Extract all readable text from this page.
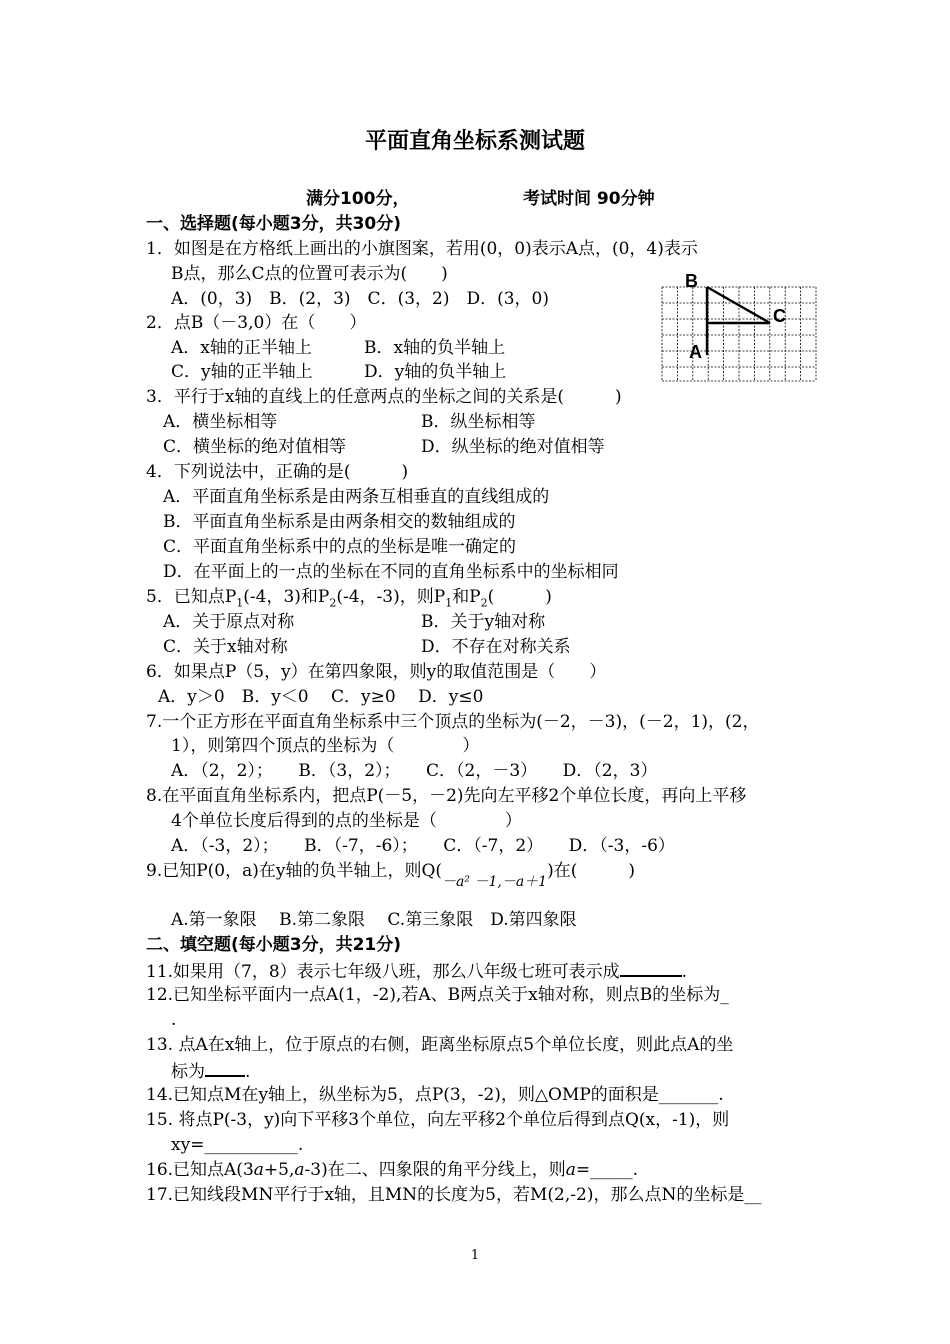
平面直角坐标系测试题
满分100分，	考试时间 90分钟
一、选择题(每小题3分，共30分)
1．如图是在方格纸上画出的小旗图案，若用(0，0)表示A点，(0，4)表示
B点，那么C点的位置可表示为(　　)
A．(0，3)　B．(2，3)　C．(3，2)　D．(3，0)
B
C
A
2．点B（－3,0）在（　　）
A．x轴的正半轴上	B．x轴的负半轴上
C．y轴的正半轴上	D．y轴的负半轴上
3．平行于x轴的直线上的任意两点的坐标之间的关系是(　　　)
A．横坐标相等	B．纵坐标相等
C．横坐标的绝对值相等	D．纵坐标的绝对值相等
4．下列说法中，正确的是(　　　)
A．平面直角坐标系是由两条互相垂直的直线组成的
B．平面直角坐标系是由两条相交的数轴组成的
C．平面直角坐标系中的点的坐标是唯一确定的
D．在平面上的一点的坐标在不同的直角坐标系中的坐标相同
5．已知点$P_1(-4$，3)和$P_2(-4$，-3)，则$P_1$和$P_2$(　　　)
A．关于原点对称	B．关于y轴对称
C．关于x轴对称	D．不存在对称关系
6．如果点P（5，y）在第四象限，则y的取值范围是（　　）
A．y＞0　B．y＜0　 C．y≥0　 D．y≤0
7.一个正方形在平面直角坐标系中三个顶点的坐标为(－2，－3)，(－2，1)，(2，
1），则第四个顶点的坐标为（　　　　）
A．（2，2）；　　B．（3，2）；　　C．（2，－3）　　D．（2，3）
8.在平面直角坐标系内，把点P(－5，－2)先向左平移2个单位长度，再向上平移
4个单位长度后得到的点的坐标是（　　　　）
A．（-3，2）；　　B．（-7，-6）；　　C．（-7，2）　　D．（-3，-6）
9.已知P(0，a)在y轴的负半轴上，则$Q(_{-a^2 -1,-a+1})$在(　　　)
A.第一象限　 B.第二象限　 C.第三象限　D.第四象限
二、填空题(每小题3分，共21分)
11.如果用（7，8）表示七年级八班，那么八年级七班可表示成	.
12.已知坐标平面内一点A(1，-2),若A、B两点关于x轴对称，则点B的坐标为_
.
13. 点A在x轴上，位于原点的右侧，距离坐标原点5个单位长度，则此点A的坐
标为 .
14.已知点M在y轴上，纵坐标为5，点P(3，-2)，则△OMP的面积是_______.
15. 将点P(-3，y)向下平移3个单位，向左平移2个单位后得到点Q(x，-1)，则
xy=___________.
16.已知点A(3a+5,a-3)在二、四象限的角平分线上，则a=_____.
17.已知线段MN平行于x轴，且MN的长度为5，若M(2,-2)，那么点N的坐标是__
1
